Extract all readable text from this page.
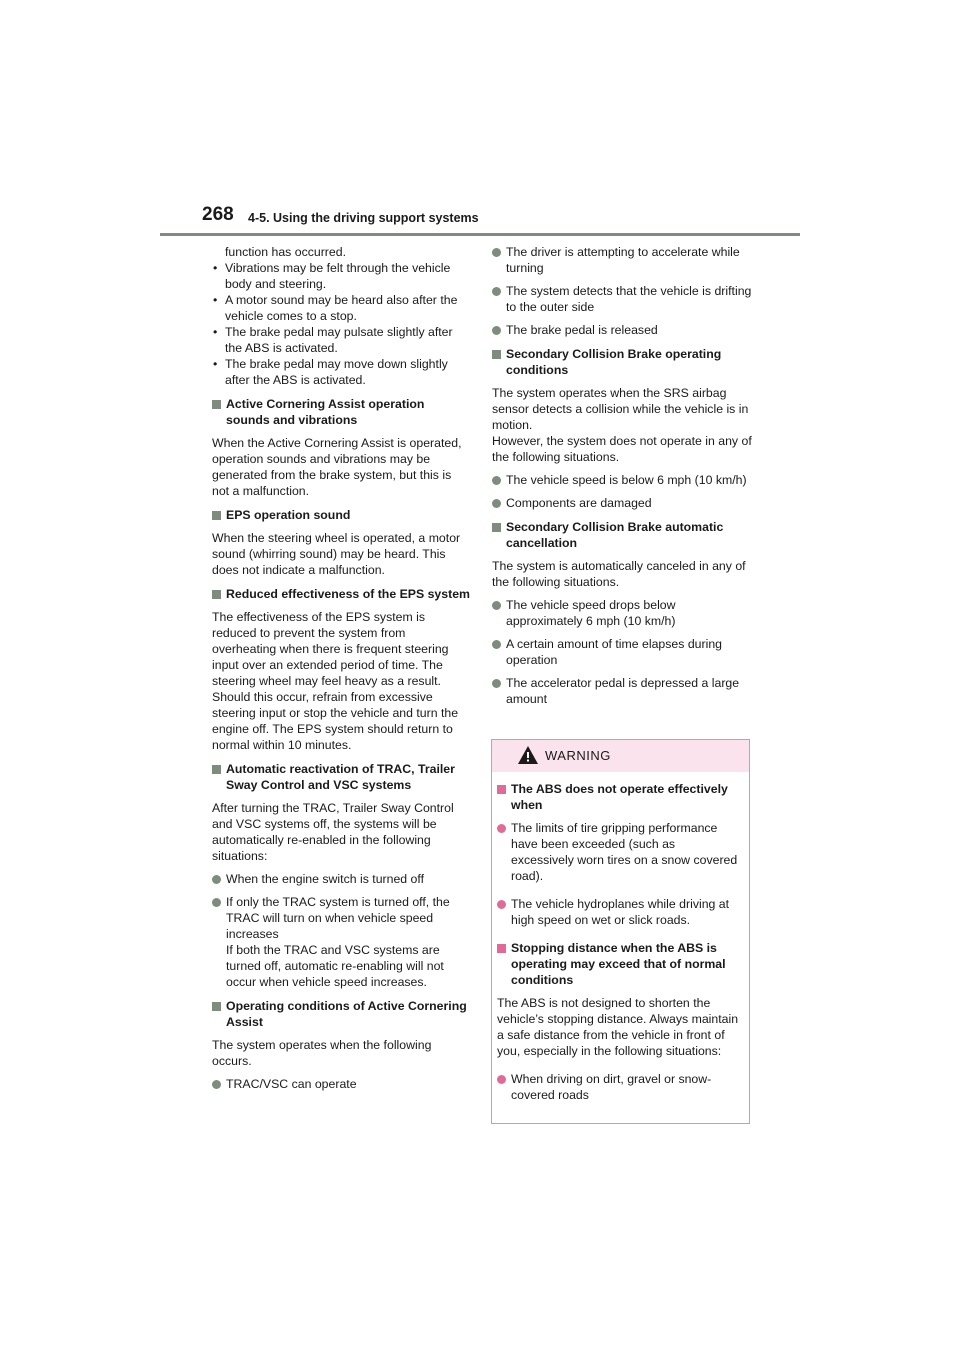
268 4-5. Using the driving support systems
function has occurred.
• Vibrations may be felt through the vehicle body and steering.
• A motor sound may be heard also after the vehicle comes to a stop.
• The brake pedal may pulsate slightly after the ABS is activated.
• The brake pedal may move down slightly after the ABS is activated.
Active Cornering Assist operation sounds and vibrations
When the Active Cornering Assist is operated, operation sounds and vibrations may be generated from the brake system, but this is not a malfunction.
EPS operation sound
When the steering wheel is operated, a motor sound (whirring sound) may be heard. This does not indicate a malfunction.
Reduced effectiveness of the EPS system
The effectiveness of the EPS system is reduced to prevent the system from overheating when there is frequent steering input over an extended period of time. The steering wheel may feel heavy as a result. Should this occur, refrain from excessive steering input or stop the vehicle and turn the engine off. The EPS system should return to normal within 10 minutes.
Automatic reactivation of TRAC, Trailer Sway Control and VSC systems
After turning the TRAC, Trailer Sway Control and VSC systems off, the systems will be automatically re-enabled in the following situations:
When the engine switch is turned off
If only the TRAC system is turned off, the TRAC will turn on when vehicle speed increases
If both the TRAC and VSC systems are turned off, automatic re-enabling will not occur when vehicle speed increases.
Operating conditions of Active Cornering Assist
The system operates when the following occurs.
TRAC/VSC can operate
The driver is attempting to accelerate while turning
The system detects that the vehicle is drifting to the outer side
The brake pedal is released
Secondary Collision Brake operating conditions
The system operates when the SRS airbag sensor detects a collision while the vehicle is in motion.
However, the system does not operate in any of the following situations.
The vehicle speed is below 6 mph (10 km/h)
Components are damaged
Secondary Collision Brake automatic cancellation
The system is automatically canceled in any of the following situations.
The vehicle speed drops below approximately 6 mph (10 km/h)
A certain amount of time elapses during operation
The accelerator pedal is depressed a large amount
WARNING
The ABS does not operate effectively when
The limits of tire gripping performance have been exceeded (such as excessively worn tires on a snow covered road).
The vehicle hydroplanes while driving at high speed on wet or slick roads.
Stopping distance when the ABS is operating may exceed that of normal conditions
The ABS is not designed to shorten the vehicle’s stopping distance. Always maintain a safe distance from the vehicle in front of you, especially in the following situations:
When driving on dirt, gravel or snow-covered roads
